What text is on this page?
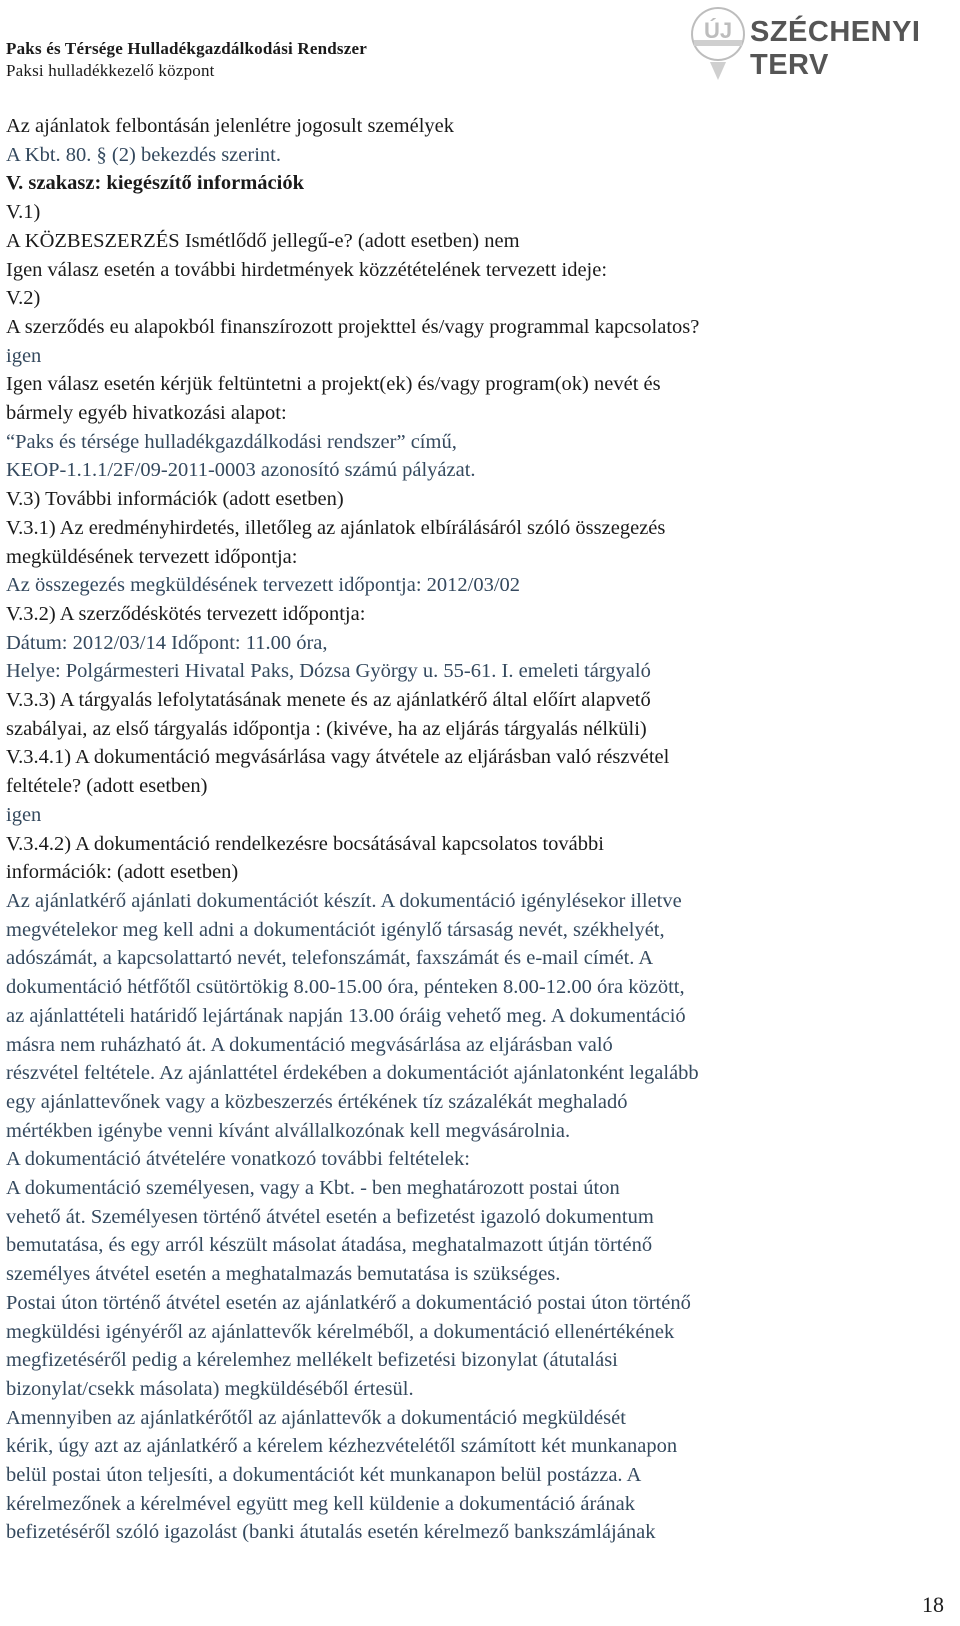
Paks és Térsége Hulladékgazdálkodási Rendszer
Paksi hulladékkezelő központ
ÚJ SZÉCHENYI TERV
Az ajánlatok felbontásán jelenlétre jogosult személyek
A Kbt. 80. § (2) bekezdés szerint.
V. szakasz: kiegészítő információk
V.1)
A KÖZBESZERZÉS Ismétlődő jellegű-e? (adott esetben) nem
Igen válasz esetén a további hirdetmények közzétételének tervezett ideje:
V.2)
A szerződés eu alapokból finanszírozott projekttel és/vagy programmal kapcsolatos?
igen
Igen válasz esetén kérjük feltüntetni a projekt(ek) és/vagy program(ok) nevét és
bármely egyéb hivatkozási alapot:
“Paks és térsége hulladékgazdálkodási rendszer” című,
KEOP-1.1.1/2F/09-2011-0003 azonosító számú pályázat.
V.3) További információk (adott esetben)
V.3.1) Az eredményhirdetés, illetőleg az ajánlatok elbírálásáról szóló összegezés
megküldésének tervezett időpontja:
Az összegezés megküldésének tervezett időpontja: 2012/03/02
V.3.2) A szerződéskötés tervezett időpontja:
Dátum: 2012/03/14 Időpont: 11.00 óra,
Helye: Polgármesteri Hivatal Paks, Dózsa György u. 55-61. I. emeleti tárgyaló
V.3.3) A tárgyalás lefolytatásának menete és az ajánlatkérő által előírt alapvető
szabályai, az első tárgyalás időpontja : (kivéve, ha az eljárás tárgyalás nélküli)
V.3.4.1) A dokumentáció megvásárlása vagy átvétele az eljárásban való részvétel
feltétele? (adott esetben)
igen
V.3.4.2) A dokumentáció rendelkezésre bocsátásával kapcsolatos további
információk: (adott esetben)
Az ajánlatkérő ajánlati dokumentációt készít. A dokumentáció igénylésekor illetve
megvételekor meg kell adni a dokumentációt igénylő társaság nevét, székhelyét,
adószámát, a kapcsolattartó nevét, telefonszámát, faxszámát és e-mail címét. A
dokumentáció hétfőtől csütörtökig 8.00-15.00 óra, pénteken 8.00-12.00 óra között,
az ajánlattételi határidő lejártának napján 13.00 óráig vehető meg. A dokumentáció
másra nem ruházható át. A dokumentáció megvásárlása az eljárásban való
részvétel feltétele. Az ajánlattétel érdekében a dokumentációt ajánlatonként legalább
egy ajánlattevőnek vagy a közbeszerzés értékének tíz százalékát meghaladó
mértékben igénybe venni kívánt alvállalkozónak kell megvásárolnia.
A dokumentáció átvételére vonatkozó további feltételek:
A dokumentáció személyesen, vagy a Kbt. - ben meghatározott postai úton
vehető át. Személyesen történő átvétel esetén a befizetést igazoló dokumentum
bemutatása, és egy arról készült másolat átadása, meghatalmazott útján történő
személyes átvétel esetén a meghatalmazás bemutatása is szükséges.
Postai úton történő átvétel esetén az ajánlatkérő a dokumentáció postai úton történő
megküldési igényéről az ajánlattevők kérelméből, a dokumentáció ellenértékének
megfizetéséről pedig a kérelemhez mellékelt befizetési bizonylat (átutalási
bizonylat/csekk másolata) megküldéséből értesül.
Amennyiben az ajánlatkérőtől az ajánlattevők a dokumentáció megküldését
kérik, úgy azt az ajánlatkérő a kérelem kézhezvételétől számított két munkanapon
belül postai úton teljesíti, a dokumentációt két munkanapon belül postázza. A
kérelmezőnek a kérelmével együtt meg kell küldenie a dokumentáció árának
befizetéséről szóló igazolást (banki átutalás esetén kérelmező bankszámlájának
18
